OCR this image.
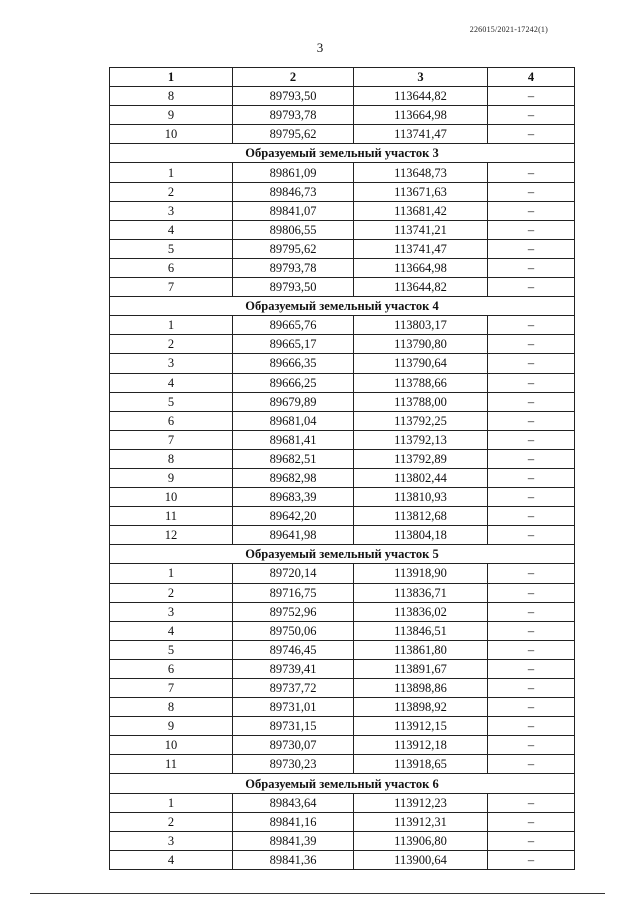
226015/2021-17242(1)
3
1	2	3	4
8	89793,50	113644,82	–
9	89793,78	113664,98	–
10	89795,62	113741,47	–
Образуемый земельный участок 3			
1	89861,09	113648,73	–
2	89846,73	113671,63	–
3	89841,07	113681,42	–
4	89806,55	113741,21	–
5	89795,62	113741,47	–
6	89793,78	113664,98	–
7	89793,50	113644,82	–
Образуемый земельный участок 4			
1	89665,76	113803,17	–
2	89665,17	113790,80	–
3	89666,35	113790,64	–
4	89666,25	113788,66	–
5	89679,89	113788,00	–
6	89681,04	113792,25	–
7	89681,41	113792,13	–
8	89682,51	113792,89	–
9	89682,98	113802,44	–
10	89683,39	113810,93	–
11	89642,20	113812,68	–
12	89641,98	113804,18	–
Образуемый земельный участок 5			
1	89720,14	113918,90	–
2	89716,75	113836,71	–
3	89752,96	113836,02	–
4	89750,06	113846,51	–
5	89746,45	113861,80	–
6	89739,41	113891,67	–
7	89737,72	113898,86	–
8	89731,01	113898,92	–
9	89731,15	113912,15	–
10	89730,07	113912,18	–
11	89730,23	113918,65	–
Образуемый земельный участок 6			
1	89843,64	113912,23	–
2	89841,16	113912,31	–
3	89841,39	113906,80	–
4	89841,36	113900,64	–
